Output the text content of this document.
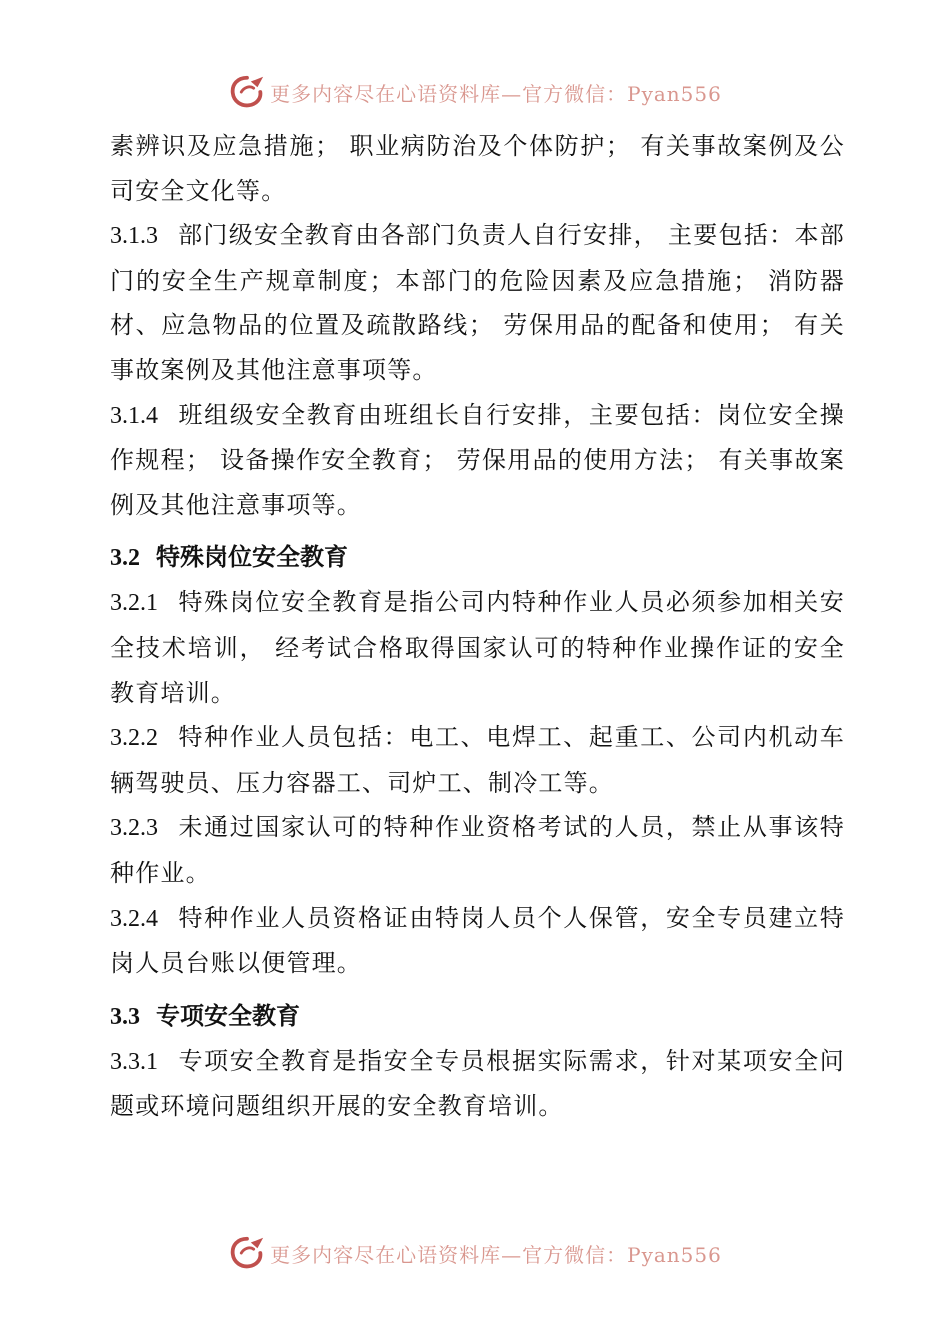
更多内容尽在心语资料库—官方微信：Pyan556

素辨识及应急措施； 职业病防治及个体防护； 有关事故案例及公司安全文化等。

3.1.3 部门级安全教育由各部门负责人自行安排， 主要包括：本部门的安全生产规章制度；本部门的危险因素及应急措施； 消防器材、应急物品的位置及疏散路线； 劳保用品的配备和使用； 有关事故案例及其他注意事项等。

3.1.4 班组级安全教育由班组长自行安排，主要包括：岗位安全操作规程； 设备操作安全教育； 劳保用品的使用方法； 有关事故案例及其他注意事项等。

3.2 特殊岗位安全教育

3.2.1 特殊岗位安全教育是指公司内特种作业人员必须参加相关安全技术培训， 经考试合格取得国家认可的特种作业操作证的安全教育培训。

3.2.2 特种作业人员包括：电工、电焊工、起重工、公司内机动车辆驾驶员、压力容器工、司炉工、制冷工等。

3.2.3 未通过国家认可的特种作业资格考试的人员，禁止从事该特种作业。

3.2.4 特种作业人员资格证由特岗人员个人保管，安全专员建立特岗人员台账以便管理。

3.3 专项安全教育

3.3.1 专项安全教育是指安全专员根据实际需求，针对某项安全问题或环境问题组织开展的安全教育培训。

更多内容尽在心语资料库—官方微信：Pyan556
